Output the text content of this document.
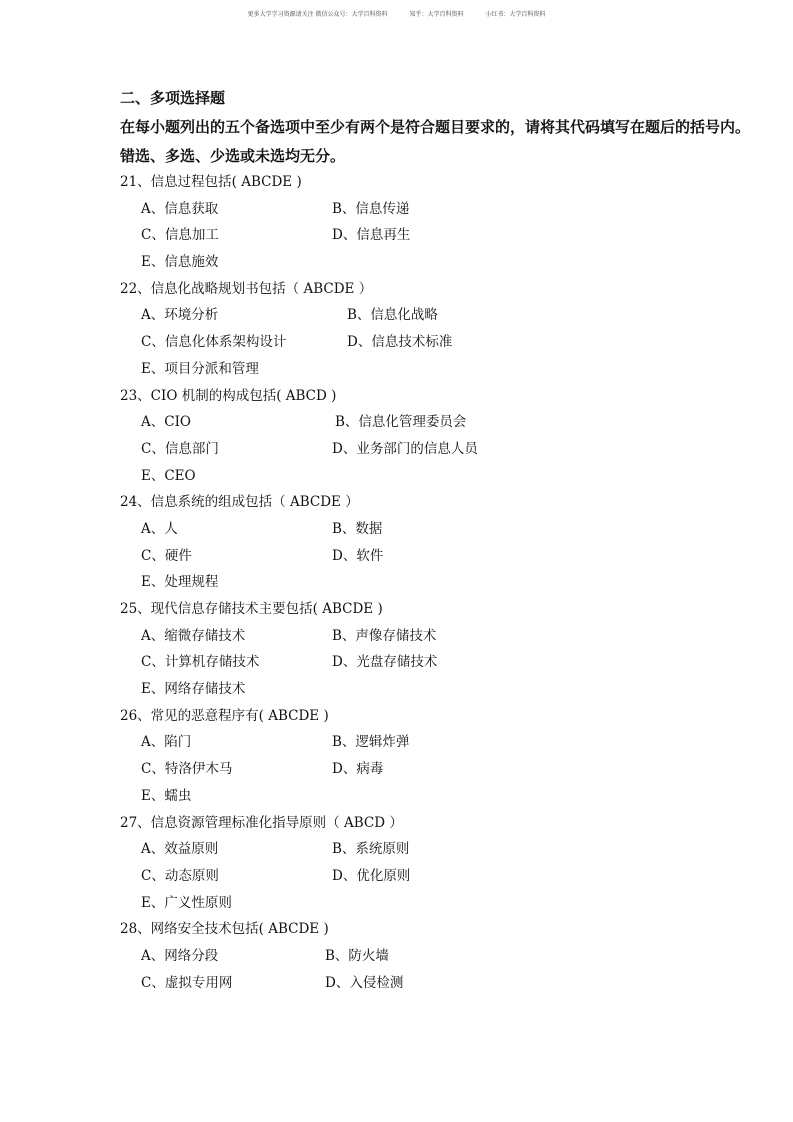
更多大学学习资源请关注 微信公众号：大学百科资料	知乎：大学百科资料	小红书：大学百科资料
二、多项选择题
在每小题列出的五个备选项中至少有两个是符合题目要求的，请将其代码填写在题后的括号内。错选、多选、少选或未选均无分。
21、信息过程包括( ABCDE )
A、信息获取	B、信息传递
C、信息加工	D、信息再生
E、信息施效
22、信息化战略规划书包括（ ABCDE ）
A、环境分析	B、信息化战略
C、信息化体系架构设计	D、信息技术标准
E、项目分派和管理
23、CIO 机制的构成包括( ABCD )
A、CIO	B、信息化管理委员会
C、信息部门	D、业务部门的信息人员
E、CEO
24、信息系统的组成包括（ ABCDE ）
A、人	B、数据
C、硬件	D、软件
E、处理规程
25、现代信息存储技术主要包括( ABCDE )
A、缩微存储技术	B、声像存储技术
C、计算机存储技术	D、光盘存储技术
E、网络存储技术
26、常见的恶意程序有( ABCDE )
A、陷门	B、逻辑炸弹
C、特洛伊木马	D、病毒
E、蠕虫
27、信息资源管理标准化指导原则（ ABCD ）
A、效益原则	B、系统原则
C、动态原则	D、优化原则
E、广义性原则
28、网络安全技术包括( ABCDE )
A、网络分段	B、防火墙
C、虚拟专用网	D、入侵检测
